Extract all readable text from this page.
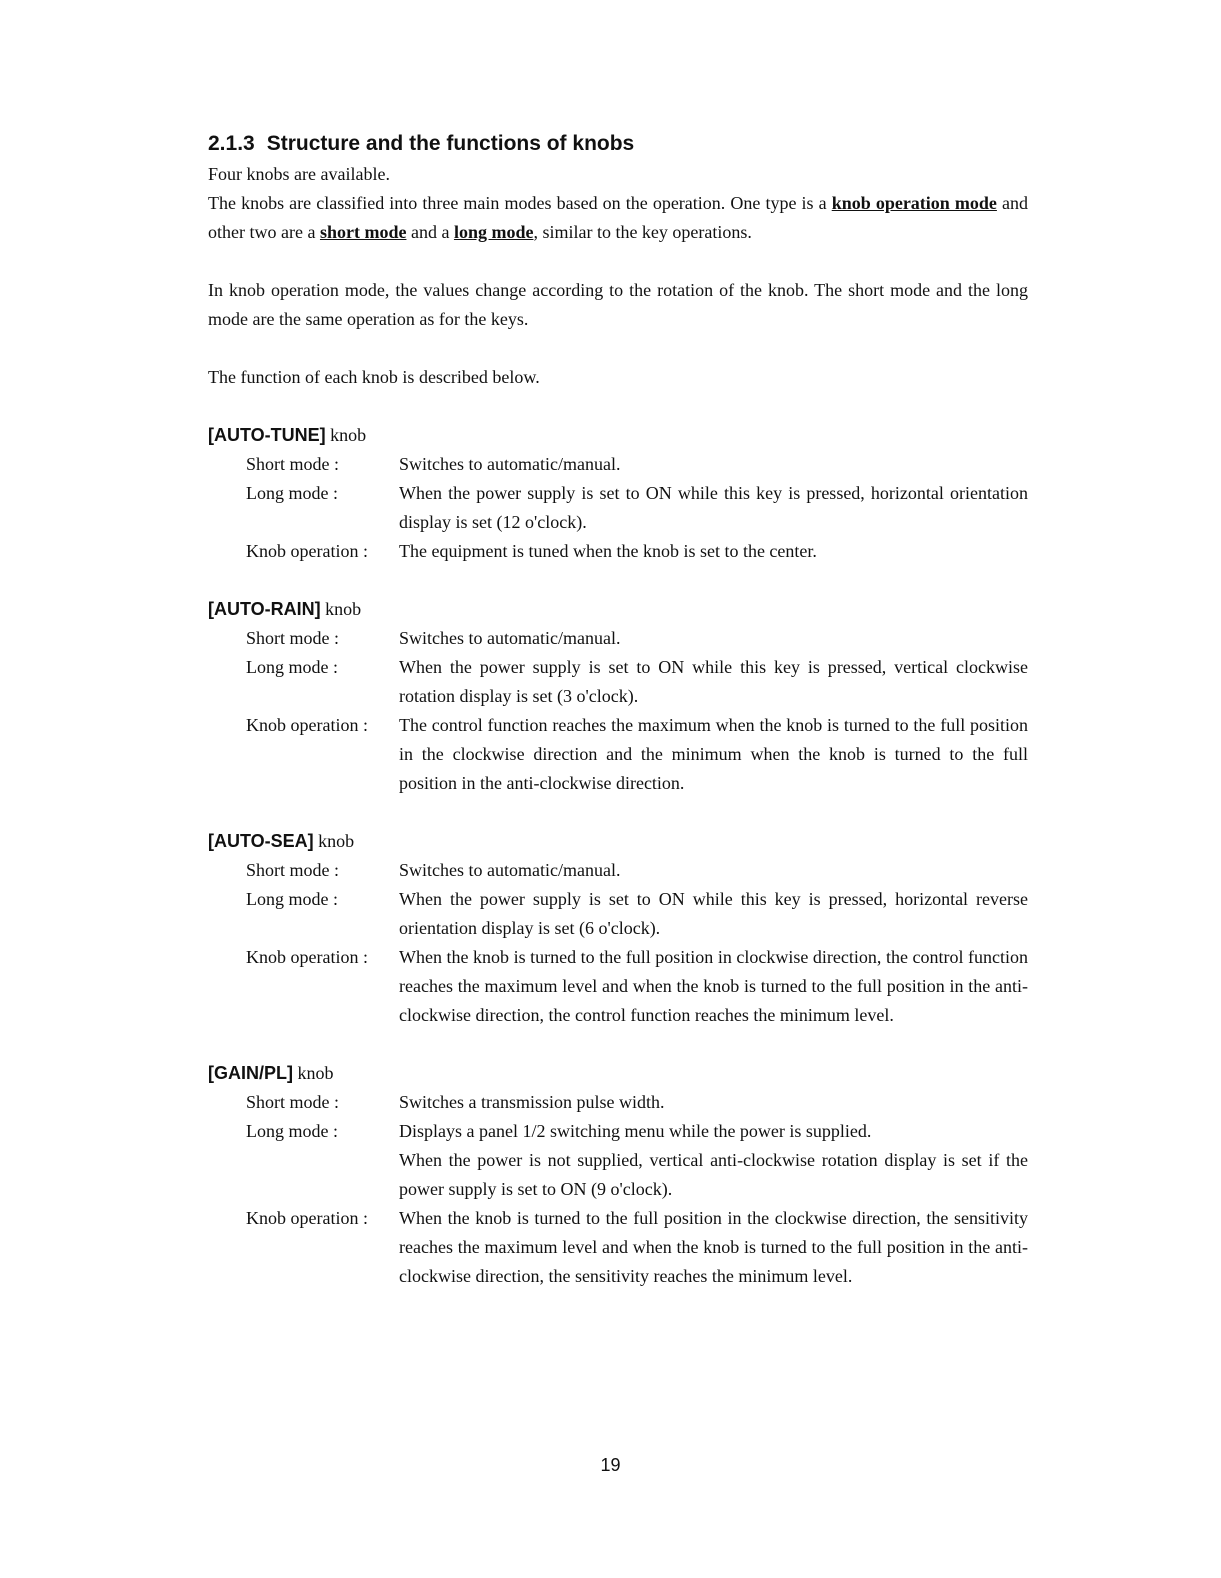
2.1.3 Structure and the functions of knobs

Four knobs are available.

The knobs are classified into three main modes based on the operation. One type is a knob operation mode and other two are a short mode and a long mode, similar to the key operations.

In knob operation mode, the values change according to the rotation of the knob. The short mode and the long mode are the same operation as for the keys.

The function of each knob is described below.

[AUTO-TUNE] knob
Short mode :	Switches to automatic/manual.
Long mode :	When the power supply is set to ON while this key is pressed, horizontal orientation display is set (12 o'clock).
Knob operation :	The equipment is tuned when the knob is set to the center.
[AUTO-RAIN] knob
Short mode :	Switches to automatic/manual.
Long mode :	When the power supply is set to ON while this key is pressed, vertical clockwise rotation display is set (3 o'clock).
Knob operation :	The control function reaches the maximum when the knob is turned to the full position in the clockwise direction and the minimum when the knob is turned to the full position in the anti-clockwise direction.
[AUTO-SEA] knob
Short mode :	Switches to automatic/manual.
Long mode :	When the power supply is set to ON while this key is pressed, horizontal reverse orientation display is set (6 o'clock).
Knob operation :	When the knob is turned to the full position in clockwise direction, the control function reaches the maximum level and when the knob is turned to the full position in the anti-clockwise direction, the control function reaches the minimum level.
[GAIN/PL] knob
Short mode :	Switches a transmission pulse width.
Long mode :	Displays a panel 1/2 switching menu while the power is supplied.
When the power is not supplied, vertical anti-clockwise rotation display is set if the power supply is set to ON (9 o'clock).
Knob operation :	When the knob is turned to the full position in the clockwise direction, the sensitivity reaches the maximum level and when the knob is turned to the full position in the anti-clockwise direction, the sensitivity reaches the minimum level.
19
